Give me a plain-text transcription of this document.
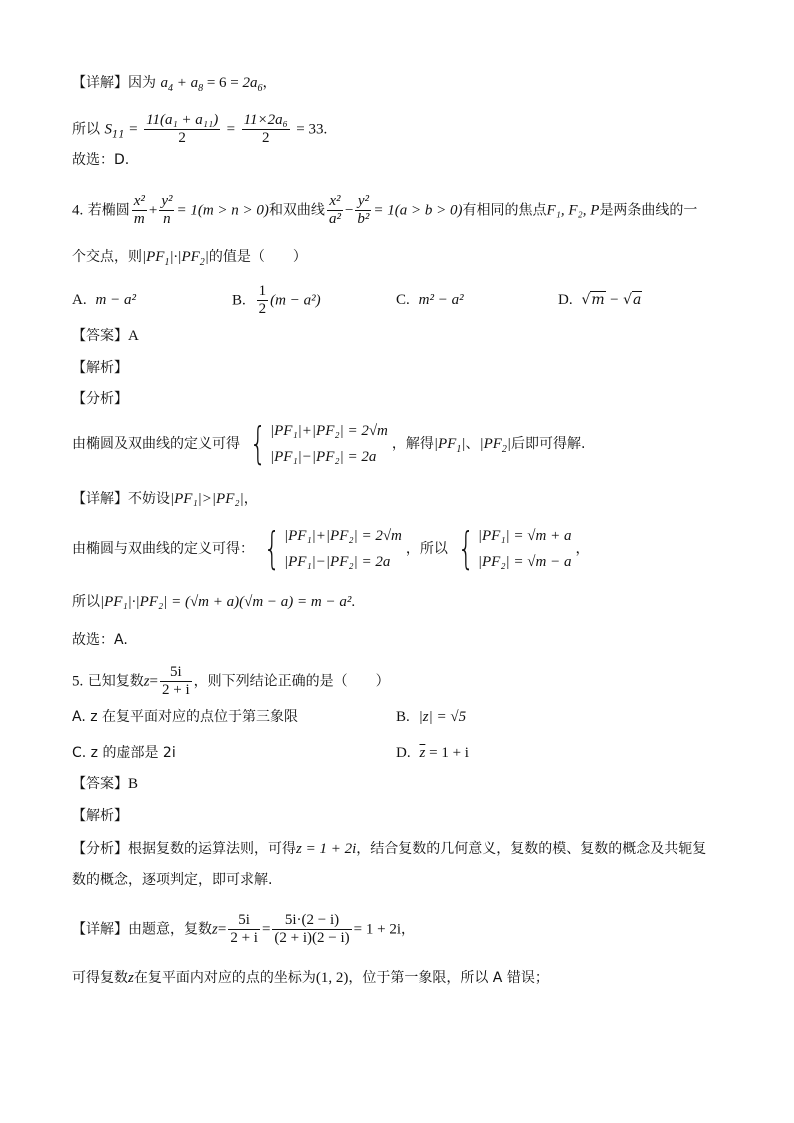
【详解】因为 $a_4 + a_8 = 6 = 2a_6$，
所以 $S_{11} = \frac{\text{11(a₁ + a₁₁)}}{2} = \frac{\text{11×2a₆}}{2} = 33$.
故选：D.
4. 若椭圆 $\frac{\text{x²}}{m} + \frac{\text{y²}}{n} = 1(m > n > 0)$和双曲线 $\frac{\text{x²}}{\text{a²}} - \frac{\text{y²}}{\text{b²}} = 1(a > b > 0)$有相同的焦点F₁, F₂, P是两条曲线的一
个交点，则$|PF_1|\cdot|PF_2|$的值是（　　）
A. m − a²	B. $\frac{1}{2} (m - a^2)$	C. m² − a²	D. √m − √a
【答案】A
【解析】
【分析】
由椭圆及双曲线的定义可得 { |PF₁|+|PF₂| = 2√m
|PF₁|−|PF₂| = 2a
，解得$|PF_1|$、$|PF_2|$后即可得解.
【详解】不妨设|PF₁|>|PF₂|，
由椭圆与双曲线的定义可得： { |PF₁|+|PF₂| = 2√m
|PF₁|−|PF₂| = 2a
，所以 { |PF₁| = √m + a
|PF₂| = √m − a
，
所以|PF₁|·|PF₂| = (√m + a)(√m − a) = m − a².
故选：A.
5. 已知复数$z= \frac{5i}{2 + i}$ ，则下列结论正确的是（　　）
A. z 在复平面对应的点位于第三象限	B. |z| = √5
C. z 的虚部是 2i	D. $\overline{z} = 1 + i$
【答案】B
【解析】
【分析】根据复数的运算法则，可得z = 1 + 2i，结合复数的几何意义，复数的模、复数的概念及共轭复
数的概念，逐项判定，即可求解.
【详解】由题意，复数$z= \frac{5i}{2 + i} = \frac{5i\cdot(2 - i)}{(2 + i)(2 - i)} = 1 + 2i$，
可得复数z在复平面内对应的点的坐标为(1, 2)，位于第一象限，所以 A 错误；
